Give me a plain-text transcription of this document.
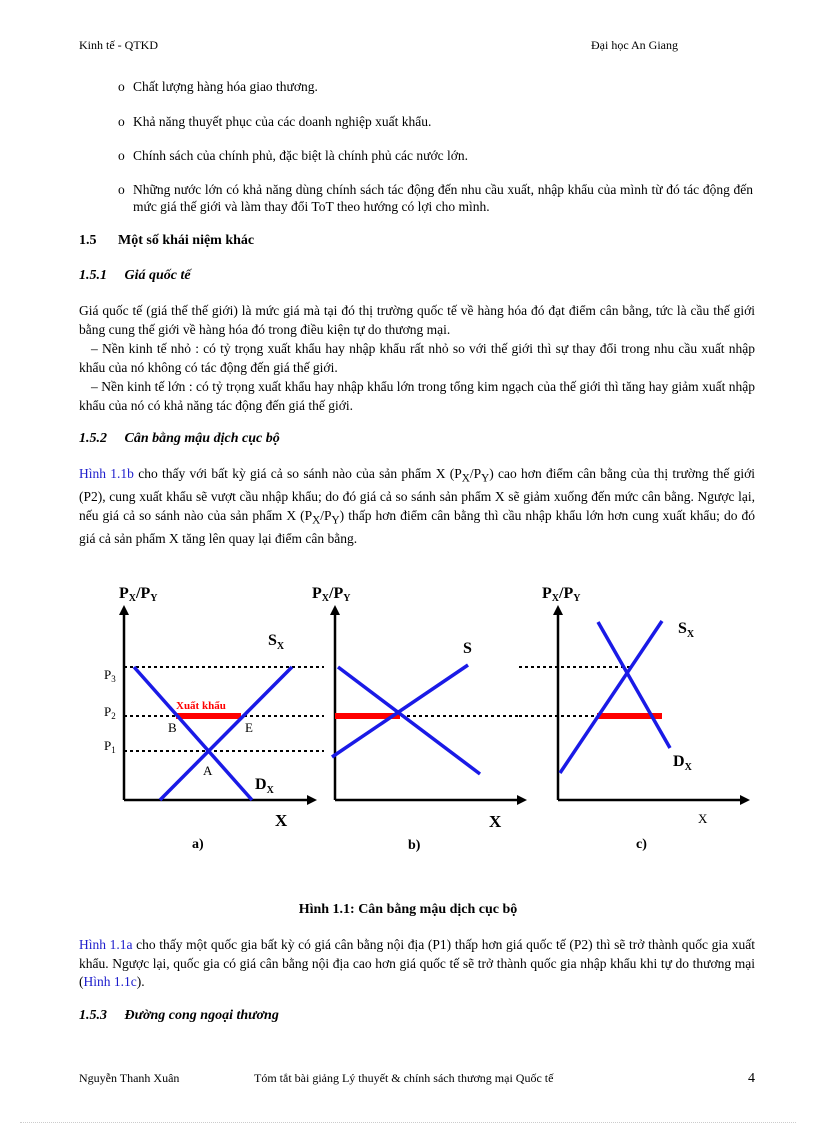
Kinh tế - QTKD	Đại học An Giang
o Chất lượng hàng hóa giao thương.
o Khả năng thuyết phục của các doanh nghiệp xuất khẩu.
o Chính sách của chính phủ, đặc biệt là chính phủ các nước lớn.
o Những nước lớn có khả năng dùng chính sách tác động đến nhu cầu xuất, nhập khẩu của mình từ đó tác động đến mức giá thế giới và làm thay đổi ToT theo hướng có lợi cho mình.
1.5 Một số khái niệm khác
1.5.1 Giá quốc tế
Giá quốc tế (giá thế thế giới) là mức giá mà tại đó thị trường quốc tế về hàng hóa đó đạt điểm cân bằng, tức là cầu thế giới bằng cung thế giới về hàng hóa đó trong điều kiện tự do thương mại.
– Nền kinh tế nhỏ : có tỷ trọng xuất khẩu hay nhập khẩu rất nhỏ so với thế giới thì sự thay đổi trong nhu cầu xuất nhập khẩu của nó không có tác động đến giá thế giới.
– Nền kinh tế lớn : có tỷ trọng xuất khẩu hay nhập khẩu lớn trong tổng kim ngạch của thế giới thì tăng hay giảm xuất nhập khẩu của nó có khả năng tác động đến giá thế giới.
1.5.2 Cân bằng mậu dịch cục bộ
Hình 1.1b cho thấy với bất kỳ giá cả so sánh nào của sản phẩm X $(P_X/P_Y)$ cao hơn điểm cân bằng của thị trường thế giới (P2), cung xuất khẩu sẽ vượt cầu nhập khẩu; do đó giá cả so sánh sản phẩm X sẽ giảm xuống đến mức cân bằng. Ngược lại, nếu giá cả so sánh nào của sản phẩm X $(P_X/P_Y)$ thấp hơn điểm cân bằng thì cầu nhập khẩu lớn hơn cung xuất khẩu; do đó giá cả sản phẩm X tăng lên quay lại điểm cân bằng.
PX/PY
$S_X$
$D_X$
X
$P_3$
$P_2$
$P_1$
Xuất khẩu
B	E
A
a)
PX/PY
S
X
b)
PX/PY
$S_X$
$D_X$
X
c)
Hình 1.1: Cân bằng mậu dịch cục bộ
Hình 1.1a cho thấy một quốc gia bất kỳ có giá cân bằng nội địa (P1) thấp hơn giá quốc tế (P2) thì sẽ trở thành quốc gia xuất khẩu. Ngược lại, quốc gia có giá cân bằng nội địa cao hơn giá quốc tế sẽ trở thành quốc gia nhập khẩu khi tự do thương mại (Hình 1.1c).
1.5.3 Đường cong ngoại thương
Nguyễn Thanh Xuân	Tóm tắt bài giảng Lý thuyết & chính sách thương mại Quốc tế	4
